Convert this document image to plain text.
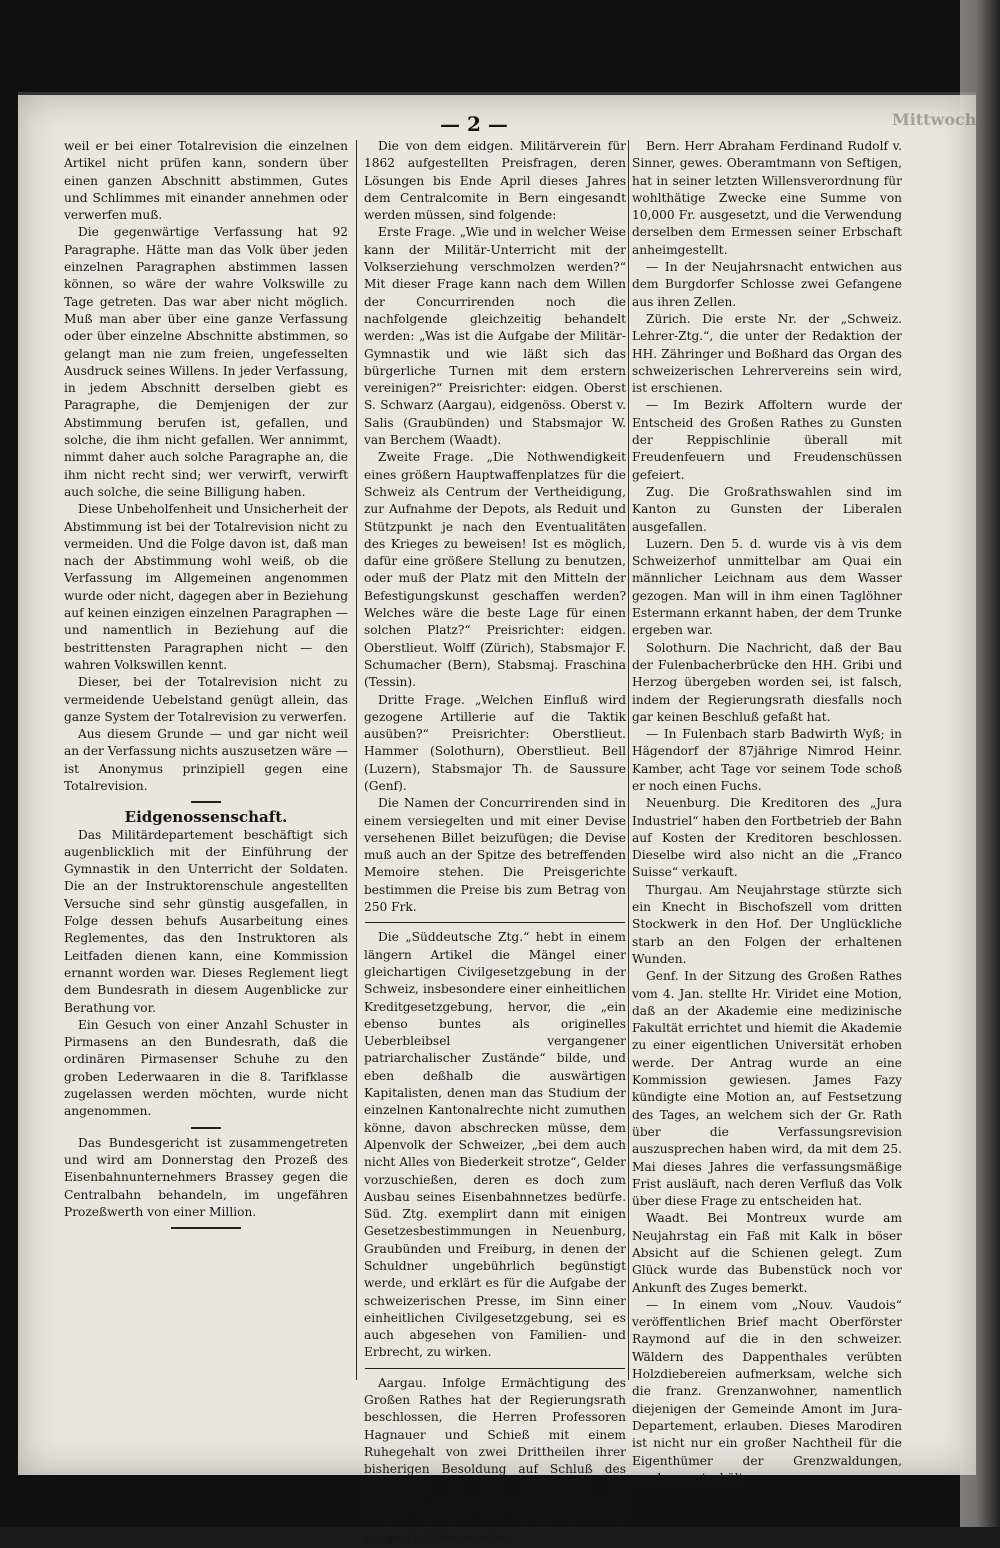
Mittwoch
— 2 —

weil er bei einer Totalrevision die einzelnen Artikel nicht prüfen kann, sondern über einen ganzen Abschnitt abstimmen, Gutes und Schlimmes mit einander annehmen oder verwerfen muß.

Die gegenwärtige Verfassung hat 92 Paragraphe. Hätte man das Volk über jeden einzelnen Paragraphen abstimmen lassen können, so wäre der wahre Volkswille zu Tage getreten. Das war aber nicht möglich. Muß man aber über eine ganze Verfassung oder über einzelne Abschnitte abstimmen, so gelangt man nie zum freien, ungefesselten Ausdruck seines Willens. In jeder Verfassung, in jedem Abschnitt derselben giebt es Paragraphe, die Demjenigen der zur Abstimmung berufen ist, gefallen, und solche, die ihm nicht gefallen. Wer annimmt, nimmt daher auch solche Paragraphe an, die ihm nicht recht sind; wer verwirft, verwirft auch solche, die seine Billigung haben.

Diese Unbeholfenheit und Unsicherheit der Abstimmung ist bei der Totalrevision nicht zu vermeiden. Und die Folge davon ist, daß man nach der Abstimmung wohl weiß, ob die Verfassung im Allgemeinen angenommen wurde oder nicht, dagegen aber in Beziehung auf keinen einzigen einzelnen Paragraphen — und namentlich in Beziehung auf die bestrittensten Paragraphen nicht — den wahren Volkswillen kennt.

Dieser, bei der Totalrevision nicht zu vermeidende Uebelstand genügt allein, das ganze System der Totalrevision zu verwerfen.

Aus diesem Grunde — und gar nicht weil an der Verfassung nichts auszusetzen wäre — ist Anonymus prinzipiell gegen eine Totalrevision.

Eidgenossenschaft.

Das Militärdepartement beschäftigt sich augenblicklich mit der Einführung der Gymnastik in den Unterricht der Soldaten. Die an der Instruktorenschule angestellten Versuche sind sehr günstig ausgefallen, in Folge dessen behufs Ausarbeitung eines Reglementes, das den Instruktoren als Leitfaden dienen kann, eine Kommission ernannt worden war. Dieses Reglement liegt dem Bundesrath in diesem Augenblicke zur Berathung vor.

Ein Gesuch von einer Anzahl Schuster in Pirmasens an den Bundesrath, daß die ordinären Pirmasenser Schuhe zu den groben Lederwaaren in die 8. Tarifklasse zugelassen werden möchten, wurde nicht angenommen.

Das Bundesgericht ist zusammengetreten und wird am Donnerstag den Prozeß des Eisenbahnunternehmers Brassey gegen die Centralbahn behandeln, im ungefähren Prozeßwerth von einer Million.

Die von dem eidgen. Militärverein für 1862 aufgestellten Preisfragen, deren Lösungen bis Ende April dieses Jahres dem Centralcomite in Bern eingesandt werden müssen, sind folgende:

Erste Frage. „Wie und in welcher Weise kann der Militär-Unterricht mit der Volkserziehung verschmolzen werden?“ Mit dieser Frage kann nach dem Willen der Concurrirenden noch die nachfolgende gleichzeitig behandelt werden: „Was ist die Aufgabe der Militär-Gymnastik und wie läßt sich das bürgerliche Turnen mit dem erstern vereinigen?“ Preisrichter: eidgen. Oberst S. Schwarz (Aargau), eidgenöss. Oberst v. Salis (Graubünden) und Stabsmajor W. van Berchem (Waadt).

Zweite Frage. „Die Nothwendigkeit eines größern Hauptwaffenplatzes für die Schweiz als Centrum der Vertheidigung, zur Aufnahme der Depots, als Reduit und Stützpunkt je nach den Eventualitäten des Krieges zu beweisen! Ist es möglich, dafür eine größere Stellung zu benutzen, oder muß der Platz mit den Mitteln der Befestigungskunst geschaffen werden? Welches wäre die beste Lage für einen solchen Platz?“ Preisrichter: eidgen. Oberstlieut. Wolff (Zürich), Stabsmajor F. Schumacher (Bern), Stabsmaj. Fraschina (Tessin).

Dritte Frage. „Welchen Einfluß wird gezogene Artillerie auf die Taktik ausüben?“ Preisrichter: Oberstlieut. Hammer (Solothurn), Oberstlieut. Bell (Luzern), Stabsmajor Th. de Saussure (Genf).

Die Namen der Concurrirenden sind in einem versiegelten und mit einer Devise versehenen Billet beizufügen; die Devise muß auch an der Spitze des betreffenden Memoire stehen. Die Preisgerichte bestimmen die Preise bis zum Betrag von 250 Frk.

Die „Süddeutsche Ztg.“ hebt in einem längern Artikel die Mängel einer gleichartigen Civilgesetzgebung in der Schweiz, insbesondere einer einheitlichen Kreditgesetzgebung, hervor, die „ein ebenso buntes als originelles Ueberbleibsel vergangener patriarchalischer Zustände“ bilde, und eben deßhalb die auswärtigen Kapitalisten, denen man das Studium der einzelnen Kantonalrechte nicht zumuthen könne, davon abschrecken müsse, dem Alpenvolk der Schweizer, „bei dem auch nicht Alles von Biederkeit strotze“, Gelder vorzuschießen, deren es doch zum Ausbau seines Eisenbahnnetzes bedürfe. Süd. Ztg. exemplirt dann mit einigen Gesetzesbestimmungen in Neuenburg, Graubünden und Freiburg, in denen der Schuldner ungebührlich begünstigt werde, und erklärt es für die Aufgabe der schweizerischen Presse, im Sinn einer einheitlichen Civilgesetzgebung, sei es auch abgesehen von Familien- und Erbrecht, zu wirken.

Aargau. Infolge Ermächtigung des Großen Rathes hat der Regierungsrath beschlossen, die Herren Professoren Hagnauer und Schieß mit einem Ruhegehalt von zwei Drittheilen ihrer bisherigen Besoldung auf Schluß des Schuljahrs in den Ruhestand zu versetzen. Die von denselben versehenen Stellen werden zur Wiederbesetzung ausgeschrieben werden.

Bern. Herr Abraham Ferdinand Rudolf v. Sinner, gewes. Oberamtmann von Seftigen, hat in seiner letzten Willensverordnung für wohlthätige Zwecke eine Summe von 10,000 Fr. ausgesetzt, und die Verwendung derselben dem Ermessen seiner Erbschaft anheimgestellt.

— In der Neujahrsnacht entwichen aus dem Burgdorfer Schlosse zwei Gefangene aus ihren Zellen.

Zürich. Die erste Nr. der „Schweiz. Lehrer-Ztg.“, die unter der Redaktion der HH. Zähringer und Boßhard das Organ des schweizerischen Lehrervereins sein wird, ist erschienen.

— Im Bezirk Affoltern wurde der Entscheid des Großen Rathes zu Gunsten der Reppischlinie überall mit Freudenfeuern und Freudenschüssen gefeiert.

Zug. Die Großrathswahlen sind im Kanton zu Gunsten der Liberalen ausgefallen.

Luzern. Den 5. d. wurde vis à vis dem Schweizerhof unmittelbar am Quai ein männlicher Leichnam aus dem Wasser gezogen. Man will in ihm einen Taglöhner Estermann erkannt haben, der dem Trunke ergeben war.

Solothurn. Die Nachricht, daß der Bau der Fulenbacherbrücke den HH. Gribi und Herzog übergeben worden sei, ist falsch, indem der Regierungsrath diesfalls noch gar keinen Beschluß gefaßt hat.

— In Fulenbach starb Badwirth Wyß; in Hägendorf der 87jährige Nimrod Heinr. Kamber, acht Tage vor seinem Tode schoß er noch einen Fuchs.

Neuenburg. Die Kreditoren des „Jura Industriel“ haben den Fortbetrieb der Bahn auf Kosten der Kreditoren beschlossen. Dieselbe wird also nicht an die „Franco Suisse“ verkauft.

Thurgau. Am Neujahrstage stürzte sich ein Knecht in Bischofszell vom dritten Stockwerk in den Hof. Der Unglückliche starb an den Folgen der erhaltenen Wunden.

Genf. In der Sitzung des Großen Rathes vom 4. Jan. stellte Hr. Viridet eine Motion, daß an der Akademie eine medizinische Fakultät errichtet und hiemit die Akademie zu einer eigentlichen Universität erhoben werde. Der Antrag wurde an eine Kommission gewiesen. James Fazy kündigte eine Motion an, auf Festsetzung des Tages, an welchem sich der Gr. Rath über die Verfassungsrevision auszusprechen haben wird, da mit dem 25. Mai dieses Jahres die verfassungsmäßige Frist ausläuft, nach deren Verfluß das Volk über diese Frage zu entscheiden hat.

Waadt. Bei Montreux wurde am Neujahrstag ein Faß mit Kalk in böser Absicht auf die Schienen gelegt. Zum Glück wurde das Bubenstück noch vor Ankunft des Zuges bemerkt.

— In einem vom „Nouv. Vaudois“ veröffentlichen Brief macht Oberförster Raymond auf die in den schweizer. Wäldern des Dappenthales verübten Holzdiebereien aufmerksam, welche sich die franz. Grenzanwohner, namentlich diejenigen der Gemeinde Amont im Jura-Departement, erlauben. Dieses Marodiren ist nicht nur ein großer Nachtheil für die Eigenthümer der Grenzwaldungen, sondern unterhält
